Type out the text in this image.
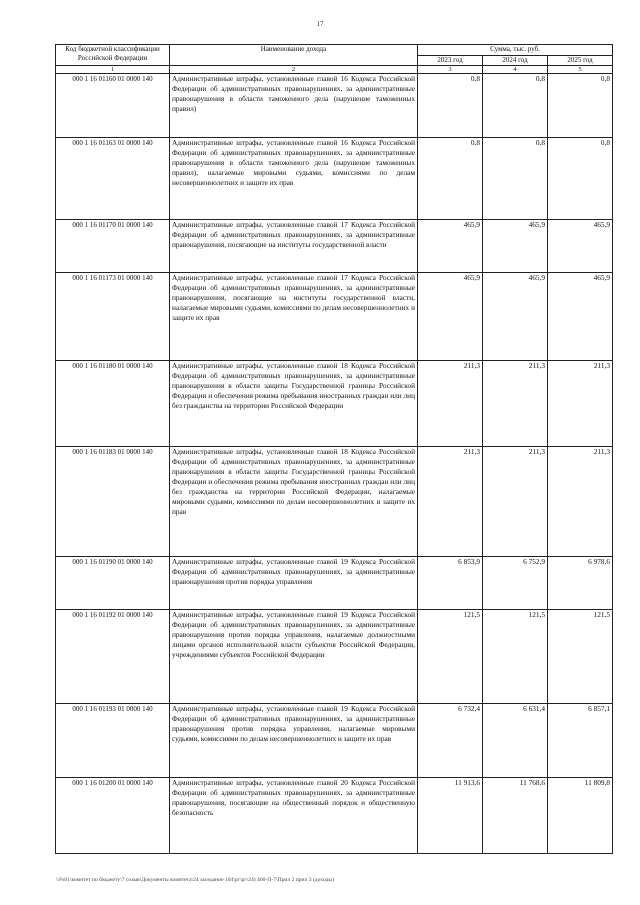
17
Код бюджетной классификации Российской Федерации	Наименование дохода	Сумма, тыс. руб.		
		2023 год	2024 год	2025 год
1	2	3	4	5
000 1 16 01160 01 0000 140	Административные штрафы, установленные главой 16 Кодекса Российской Федерации об административных правонарушениях, за административные правонарушения в области таможенного дела (нарушение таможенных правил)	0,8	0,8	0,8
000 1 16 01163 01 0000 140	Административные штрафы, установленные главой 16 Кодекса Российской Федерации об административных правонарушениях, за административные правонарушения в области таможенного дела (нарушение таможенных правил), налагаемые мировыми судьями, комиссиями по делам несовершеннолетних и защите их прав	0,8	0,8	0,8
000 1 16 01170 01 0000 140	Административные штрафы, установленные главой 17 Кодекса Российской Федерации об административных правонарушениях, за административные правонарушения, посягающие на институты государственной власти	465,9	465,9	465,9
000 1 16 01173 01 0000 140	Административные штрафы, установленные главой 17 Кодекса Российской Федерации об административных правонарушениях, за административные правонарушения, посягающие на институты государственной власти, налагаемые мировыми судьями, комиссиями по делам несовершеннолетних и защите их прав	465,9	465,9	465,9
000 1 16 01180 01 0000 140	Административные штрафы, установленные главой 18 Кодекса Российской Федерации об административных правонарушениях, за административные правонарушения в области защиты Государственной границы Российской Федерации и обеспечения режима пребывания иностранных граждан или лиц без гражданства на территории Российской Федерации	211,3	211,3	211,3
000 1 16 01183 01 0000 140	Административные штрафы, установленные главой 18 Кодекса Российской Федерации об административных правонарушениях, за административные правонарушения в области защиты Государственной границы Российской Федерации и обеспечения режима пребывания иностранных граждан или лиц без гражданства на территории Российской Федерации, налагаемые мировыми судьями, комиссиями по делам несовершеннолетних и защите их прав	211,3	211,3	211,3
000 1 16 01190 01 0000 140	Административные штрафы, установленные главой 19 Кодекса Российской Федерации об административных правонарушениях, за административные правонарушения против порядка управления	6 853,9	6 752,9	6 978,6
000 1 16 01192 01 0000 140	Административные штрафы, установленные главой 19 Кодекса Российской Федерации об административных правонарушениях, за административные правонарушения против порядка управления, налагаемые должностными лицами органов исполнительной власти субъектов Российской Федерации, учреждениями субъектов Российской Федерации	121,5	121,5	121,5
000 1 16 01193 01 0000 140	Административные штрафы, установленные главой 19 Кодекса Российской Федерации об административных правонарушениях, за административные правонарушения против порядка управления, налагаемые мировыми судьями, комиссиями по делам несовершеннолетних и защите их прав	6 732,4	6 631,4	6 857,1
000 1 16 01200 01 0000 140	Административные штрафы, установленные главой 20 Кодекса Российской Федерации об административных правонарушениях, за административные правонарушения, посягающие на общественный порядок и общественную безопасность	11 913,6	11 768,6	11 809,8
\\Fs01\комитет по бюджету\7 созыв\Документы комитета\24 заседание 104\рг\рг\24) 460-П-7\Прил 2 прил 3 (доходы)
